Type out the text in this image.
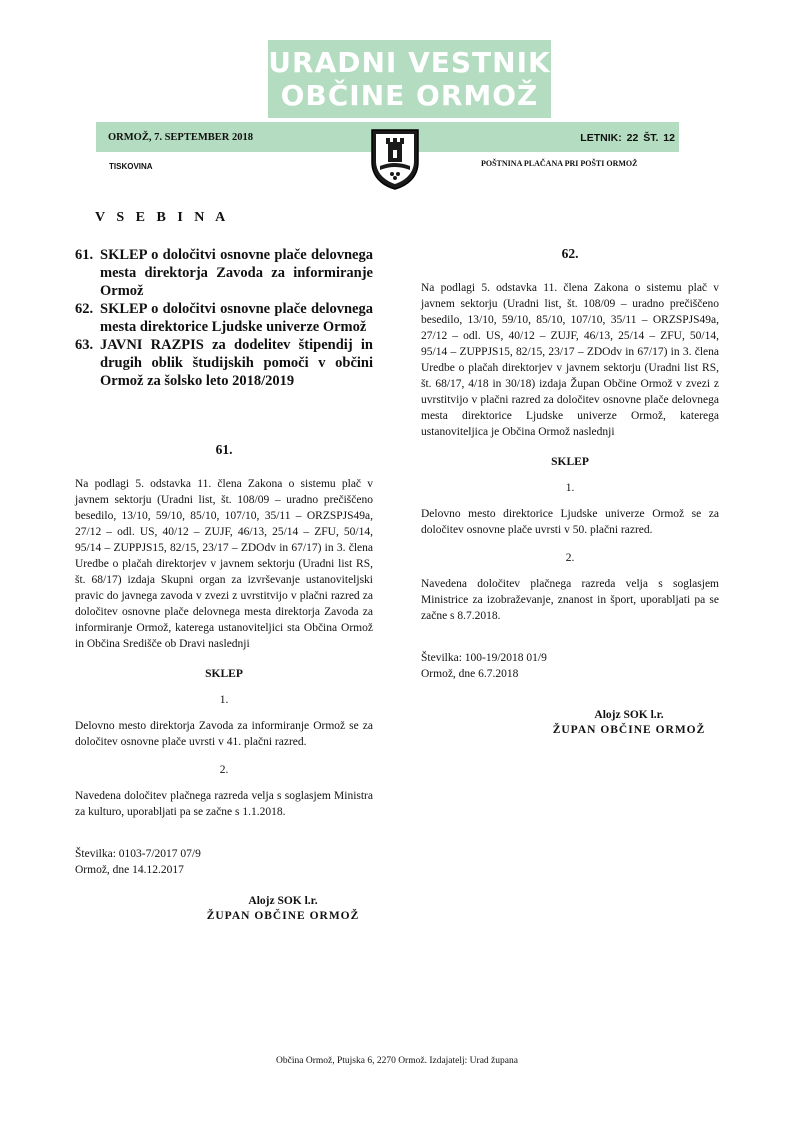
URADNI VESTNIK
OBČINE ORMOŽ
ORMOŽ, 7. SEPTEMBER 2018	LETNIK: 22 ŠT. 12
TISKOVINA	POŠTNINA PLAČANA PRI POŠTI ORMOŽ
V S E B I N A
61. SKLEP o določitvi osnovne plače delovnega mesta direktorja Zavoda za informiranje Ormož
62. SKLEP o določitvi osnovne plače delovnega mesta direktorice Ljudske univerze Ormož
63. JAVNI RAZPIS za dodelitev štipendij in drugih oblik študijskih pomoči v občini Ormož za šolsko leto 2018/2019
61.
Na podlagi 5. odstavka 11. člena Zakona o sistemu plač v javnem sektorju (Uradni list, št. 108/09 – uradno prečiščeno besedilo, 13/10, 59/10, 85/10, 107/10, 35/11 – ORZSPJS49a, 27/12 – odl. US, 40/12 – ZUJF, 46/13, 25/14 – ZFU, 50/14, 95/14 – ZUPPJS15, 82/15, 23/17 – ZDOdv in 67/17) in 3. člena Uredbe o plačah direktorjev v javnem sektorju (Uradni list RS, št. 68/17) izdaja Skupni organ za izvrševanje ustanoviteljski pravic do javnega zavoda v zvezi z uvrstitvijo v plačni razred za določitev osnovne plače delovnega mesta direktorja Zavoda za informiranje Ormož, katerega ustanoviteljici sta Občina Ormož in Občina Središče ob Dravi naslednji
SKLEP
1.
Delovno mesto direktorja Zavoda za informiranje Ormož se za določitev osnovne plače uvrsti v 41. plačni razred.
2.
Navedena določitev plačnega razreda velja s soglasjem Ministra za kulturo, uporabljati pa se začne s 1.1.2018.
Številka: 0103-7/2017 07/9
Ormož, dne 14.12.2017
Alojz SOK l.r.
ŽUPAN OBČINE ORMOŽ
62.
Na podlagi 5. odstavka 11. člena Zakona o sistemu plač v javnem sektorju (Uradni list, št. 108/09 – uradno prečiščeno besedilo, 13/10, 59/10, 85/10, 107/10, 35/11 – ORZSPJS49a, 27/12 – odl. US, 40/12 – ZUJF, 46/13, 25/14 – ZFU, 50/14, 95/14 – ZUPPJS15, 82/15, 23/17 – ZDOdv in 67/17) in 3. člena Uredbe o plačah direktorjev v javnem sektorju (Uradni list RS, št. 68/17, 4/18 in 30/18) izdaja Župan Občine Ormož v zvezi z uvrstitvijo v plačni razred za določitev osnovne plače delovnega mesta direktorice Ljudske univerze Ormož, katerega ustanoviteljica je Občina Ormož naslednji
SKLEP
1.
Delovno mesto direktorice Ljudske univerze Ormož se za določitev osnovne plače uvrsti v 50. plačni razred.
2.
Navedena določitev plačnega razreda velja s soglasjem Ministrice za izobraževanje, znanost in šport, uporabljati pa se začne s 8.7.2018.
Številka: 100-19/2018 01/9
Ormož, dne 6.7.2018
Alojz SOK l.r.
ŽUPAN OBČINE ORMOŽ
Občina Ormož, Ptujska 6, 2270 Ormož. Izdajatelj: Urad župana
